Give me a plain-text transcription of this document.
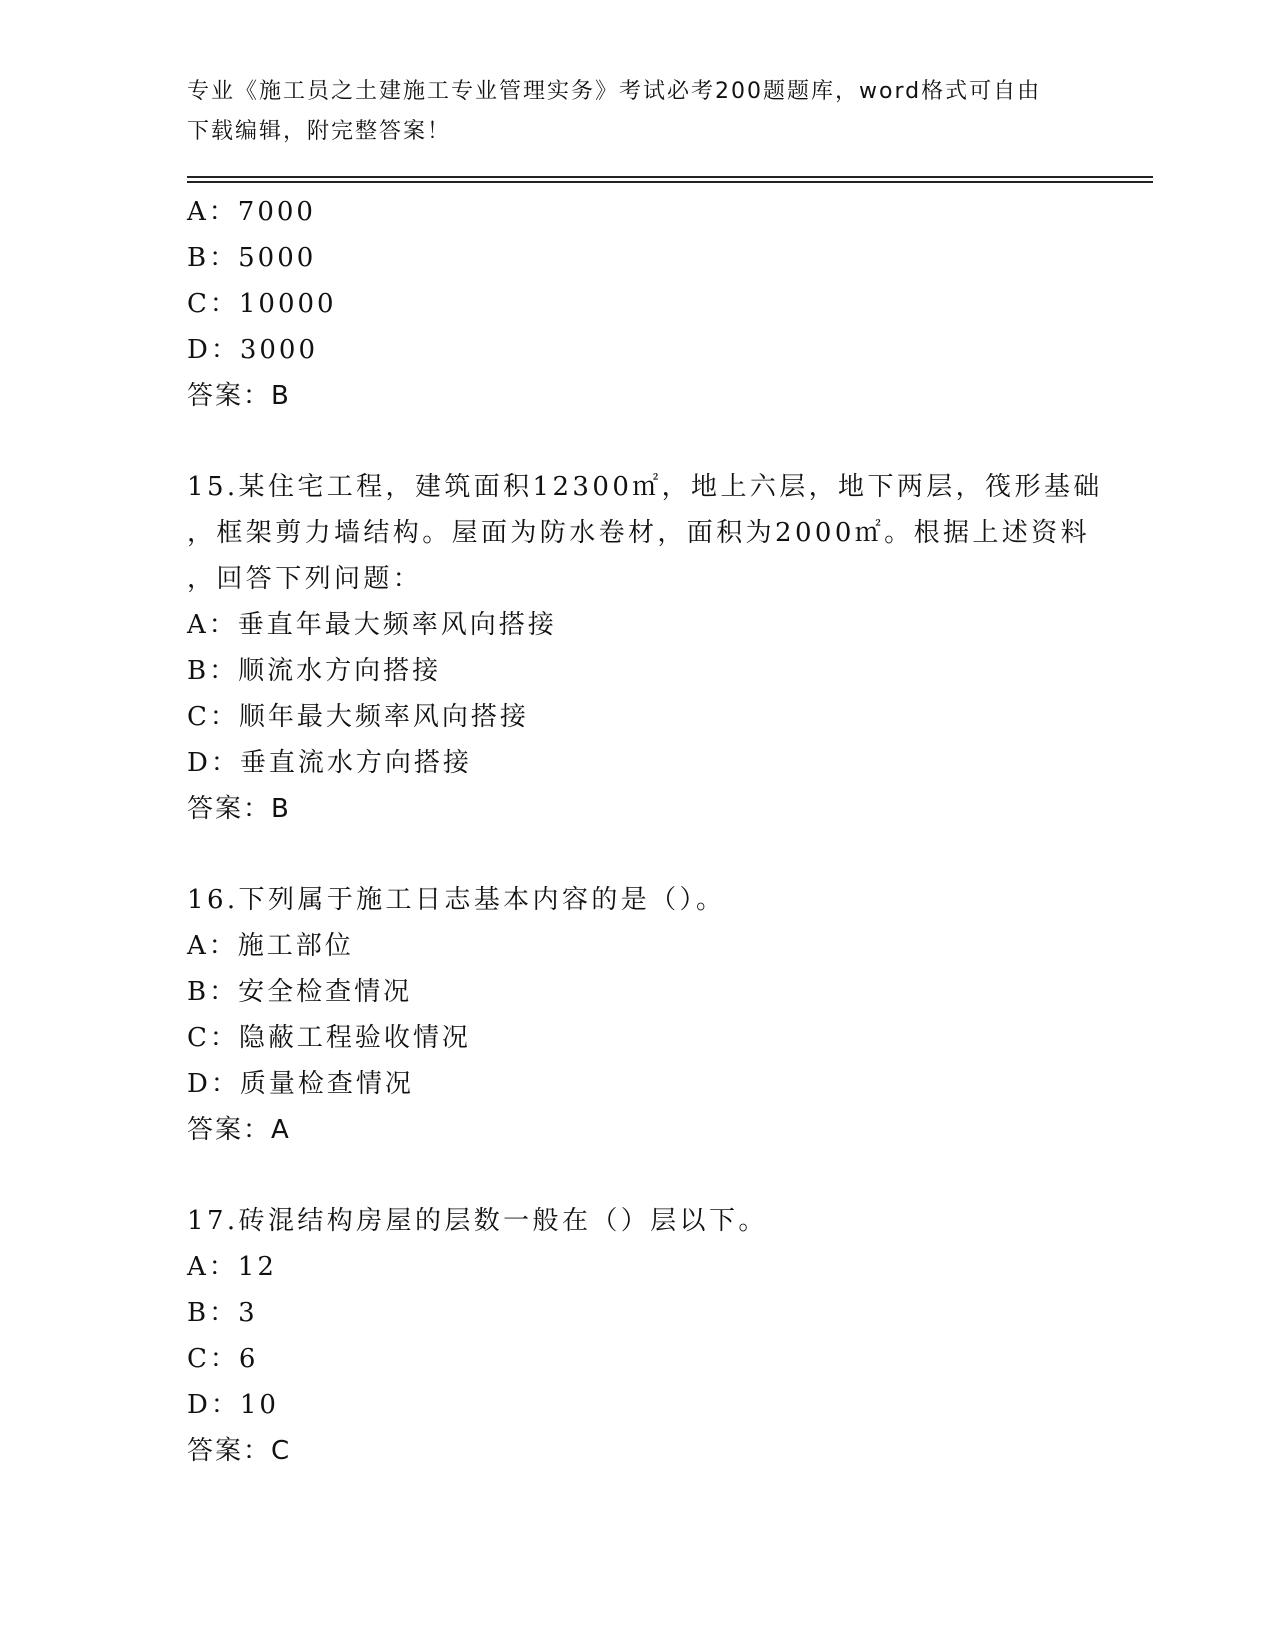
专业《施工员之土建施工专业管理实务》考试必考200题题库，word格式可自由
下载编辑，附完整答案！
A：7000
B：5000
C：10000
D：3000
答案：B
15.某住宅工程，建筑面积12300㎡，地上六层，地下两层，筏形基础
，框架剪力墙结构。屋面为防水卷材，面积为2000㎡。根据上述资料
，回答下列问题：
A：垂直年最大频率风向搭接
B：顺流水方向搭接
C：顺年最大频率风向搭接
D：垂直流水方向搭接
答案：B
16.下列属于施工日志基本内容的是（）。
A：施工部位
B：安全检查情况
C：隐蔽工程验收情况
D：质量检查情况
答案：A
17.砖混结构房屋的层数一般在（）层以下。
A：12
B：3
C：6
D：10
答案：C
